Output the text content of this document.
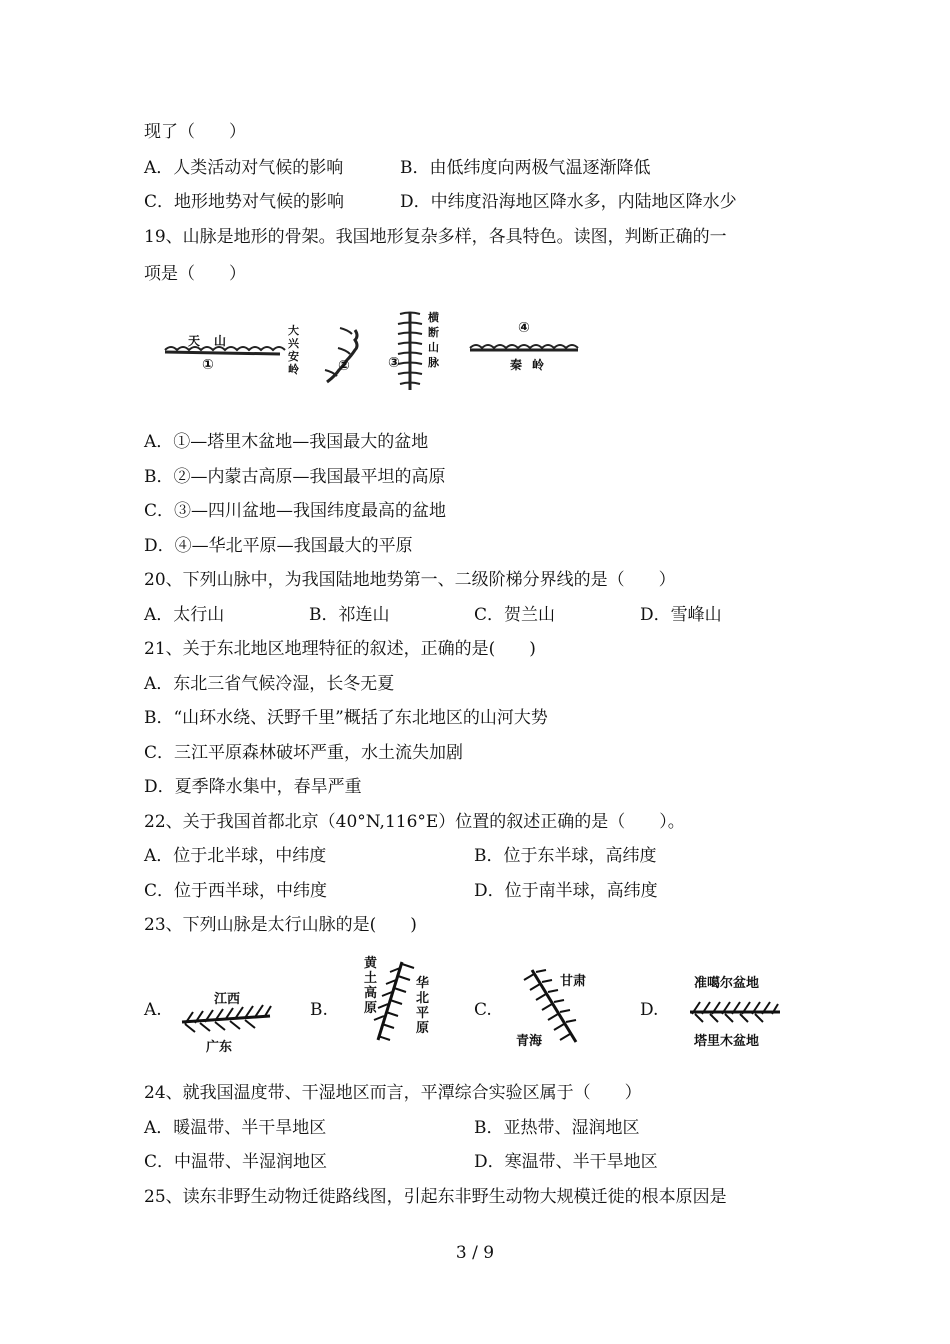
现了（　　）
A．人类活动对气候的影响	B．由低纬度向两极气温逐渐降低
C．地形地势对气候的影响	D．中纬度沿海地区降水多，内陆地区降水少
19、山脉是地形的骨架。我国地形复杂多样，各具特色。读图，判断正确的一
项是（　　）
天山
①
大兴安岭	②
横断山脉
③
④
秦岭
A．①—塔里木盆地—我国最大的盆地
B．②—内蒙古高原—我国最平坦的高原
C．③—四川盆地—我国纬度最高的盆地
D．④—华北平原—我国最大的平原
20、下列山脉中，为我国陆地地势第一、二级阶梯分界线的是（　　）
A．太行山	B．祁连山	C．贺兰山	D．雪峰山
21、关于东北地区地理特征的叙述，正确的是(　　)
A．东北三省气候冷湿，长冬无夏
B．“山环水绕、沃野千里”概括了东北地区的山河大势
C．三江平原森林破坏严重，水土流失加剧
D．夏季降水集中，春旱严重
22、关于我国首都北京（40°N,116°E）位置的叙述正确的是（　　）。
A．位于北半球，中纬度	B．位于东半球，高纬度
C．位于西半球，中纬度	D．位于南半球，高纬度
23、下列山脉是太行山脉的是(　　)
A.	B.	C.	D.
江西
广东
黄土高原
华北平原
甘肃
青海
准噶尔盆地
塔里木盆地
24、就我国温度带、干湿地区而言，平潭综合实验区属于（　　）
A．暖温带、半干旱地区	B．亚热带、湿润地区
C．中温带、半湿润地区	D．寒温带、半干旱地区
25、读东非野生动物迁徙路线图，引起东非野生动物大规模迁徙的根本原因是
3 / 9
